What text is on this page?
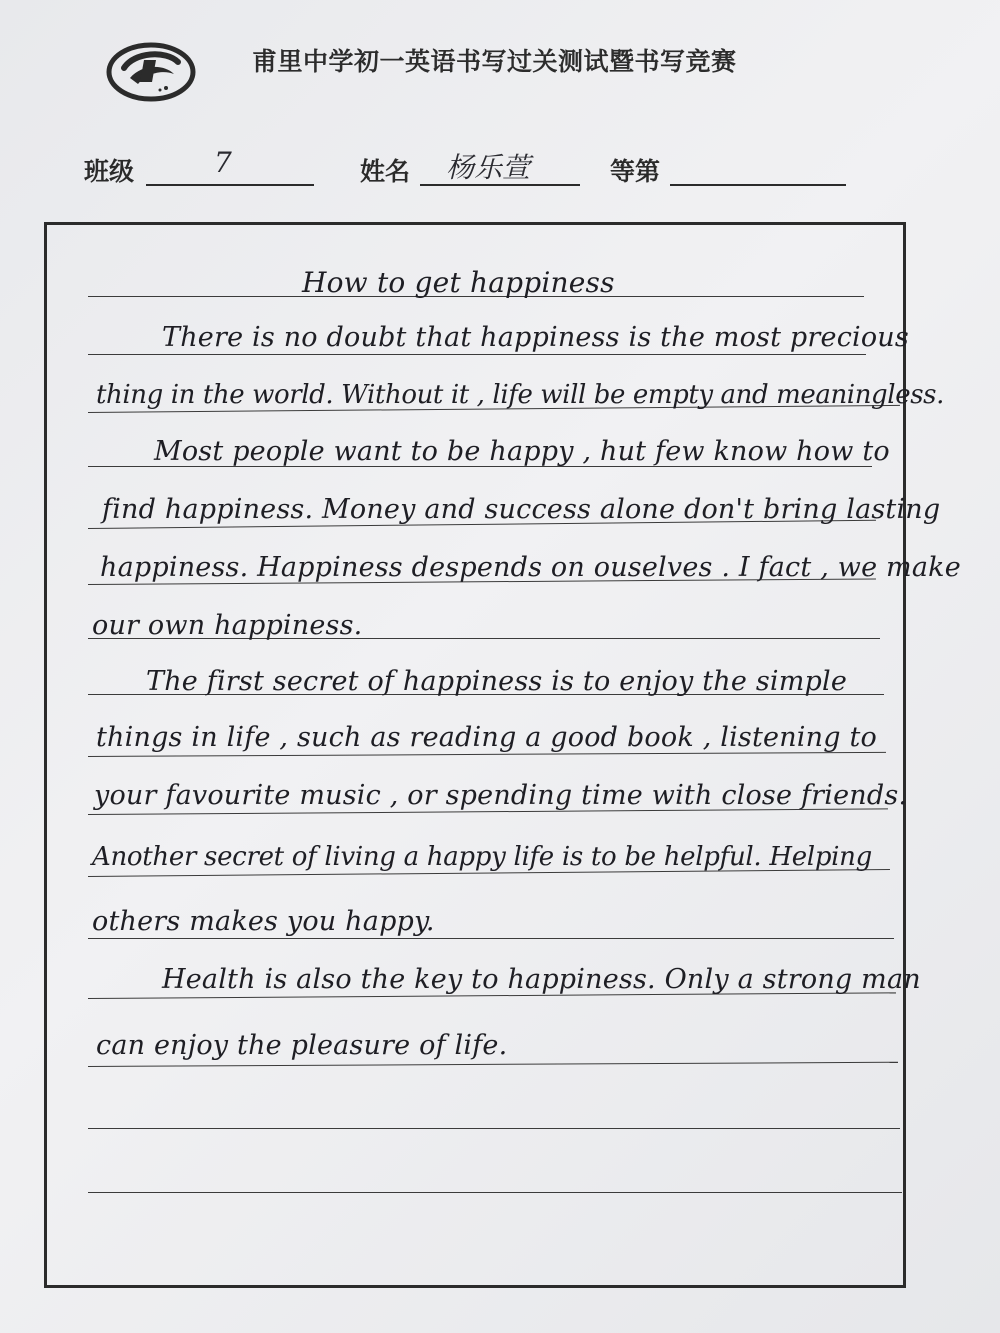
甫里中学初一英语书写过关测试暨书写竞赛
班级	7	姓名 杨乐萱	等第
How to get happiness
There is no doubt that happiness is the most precious
thing in the world. Without it , life will be empty and meaningless.
Most people want to be happy , hut few know how to
find happiness. Money and success alone don't bring lasting
happiness. Happiness despends on ouselves . I fact , we make
our own happiness.
The first secret of happiness is to enjoy the simple
things in life , such as reading a good book , listening to
your favourite music , or spending time with close friends.
Another secret of living a happy life is to be helpful. Helping
others makes you happy.
Health is also the key to happiness. Only a strong man
can enjoy the pleasure of life.
